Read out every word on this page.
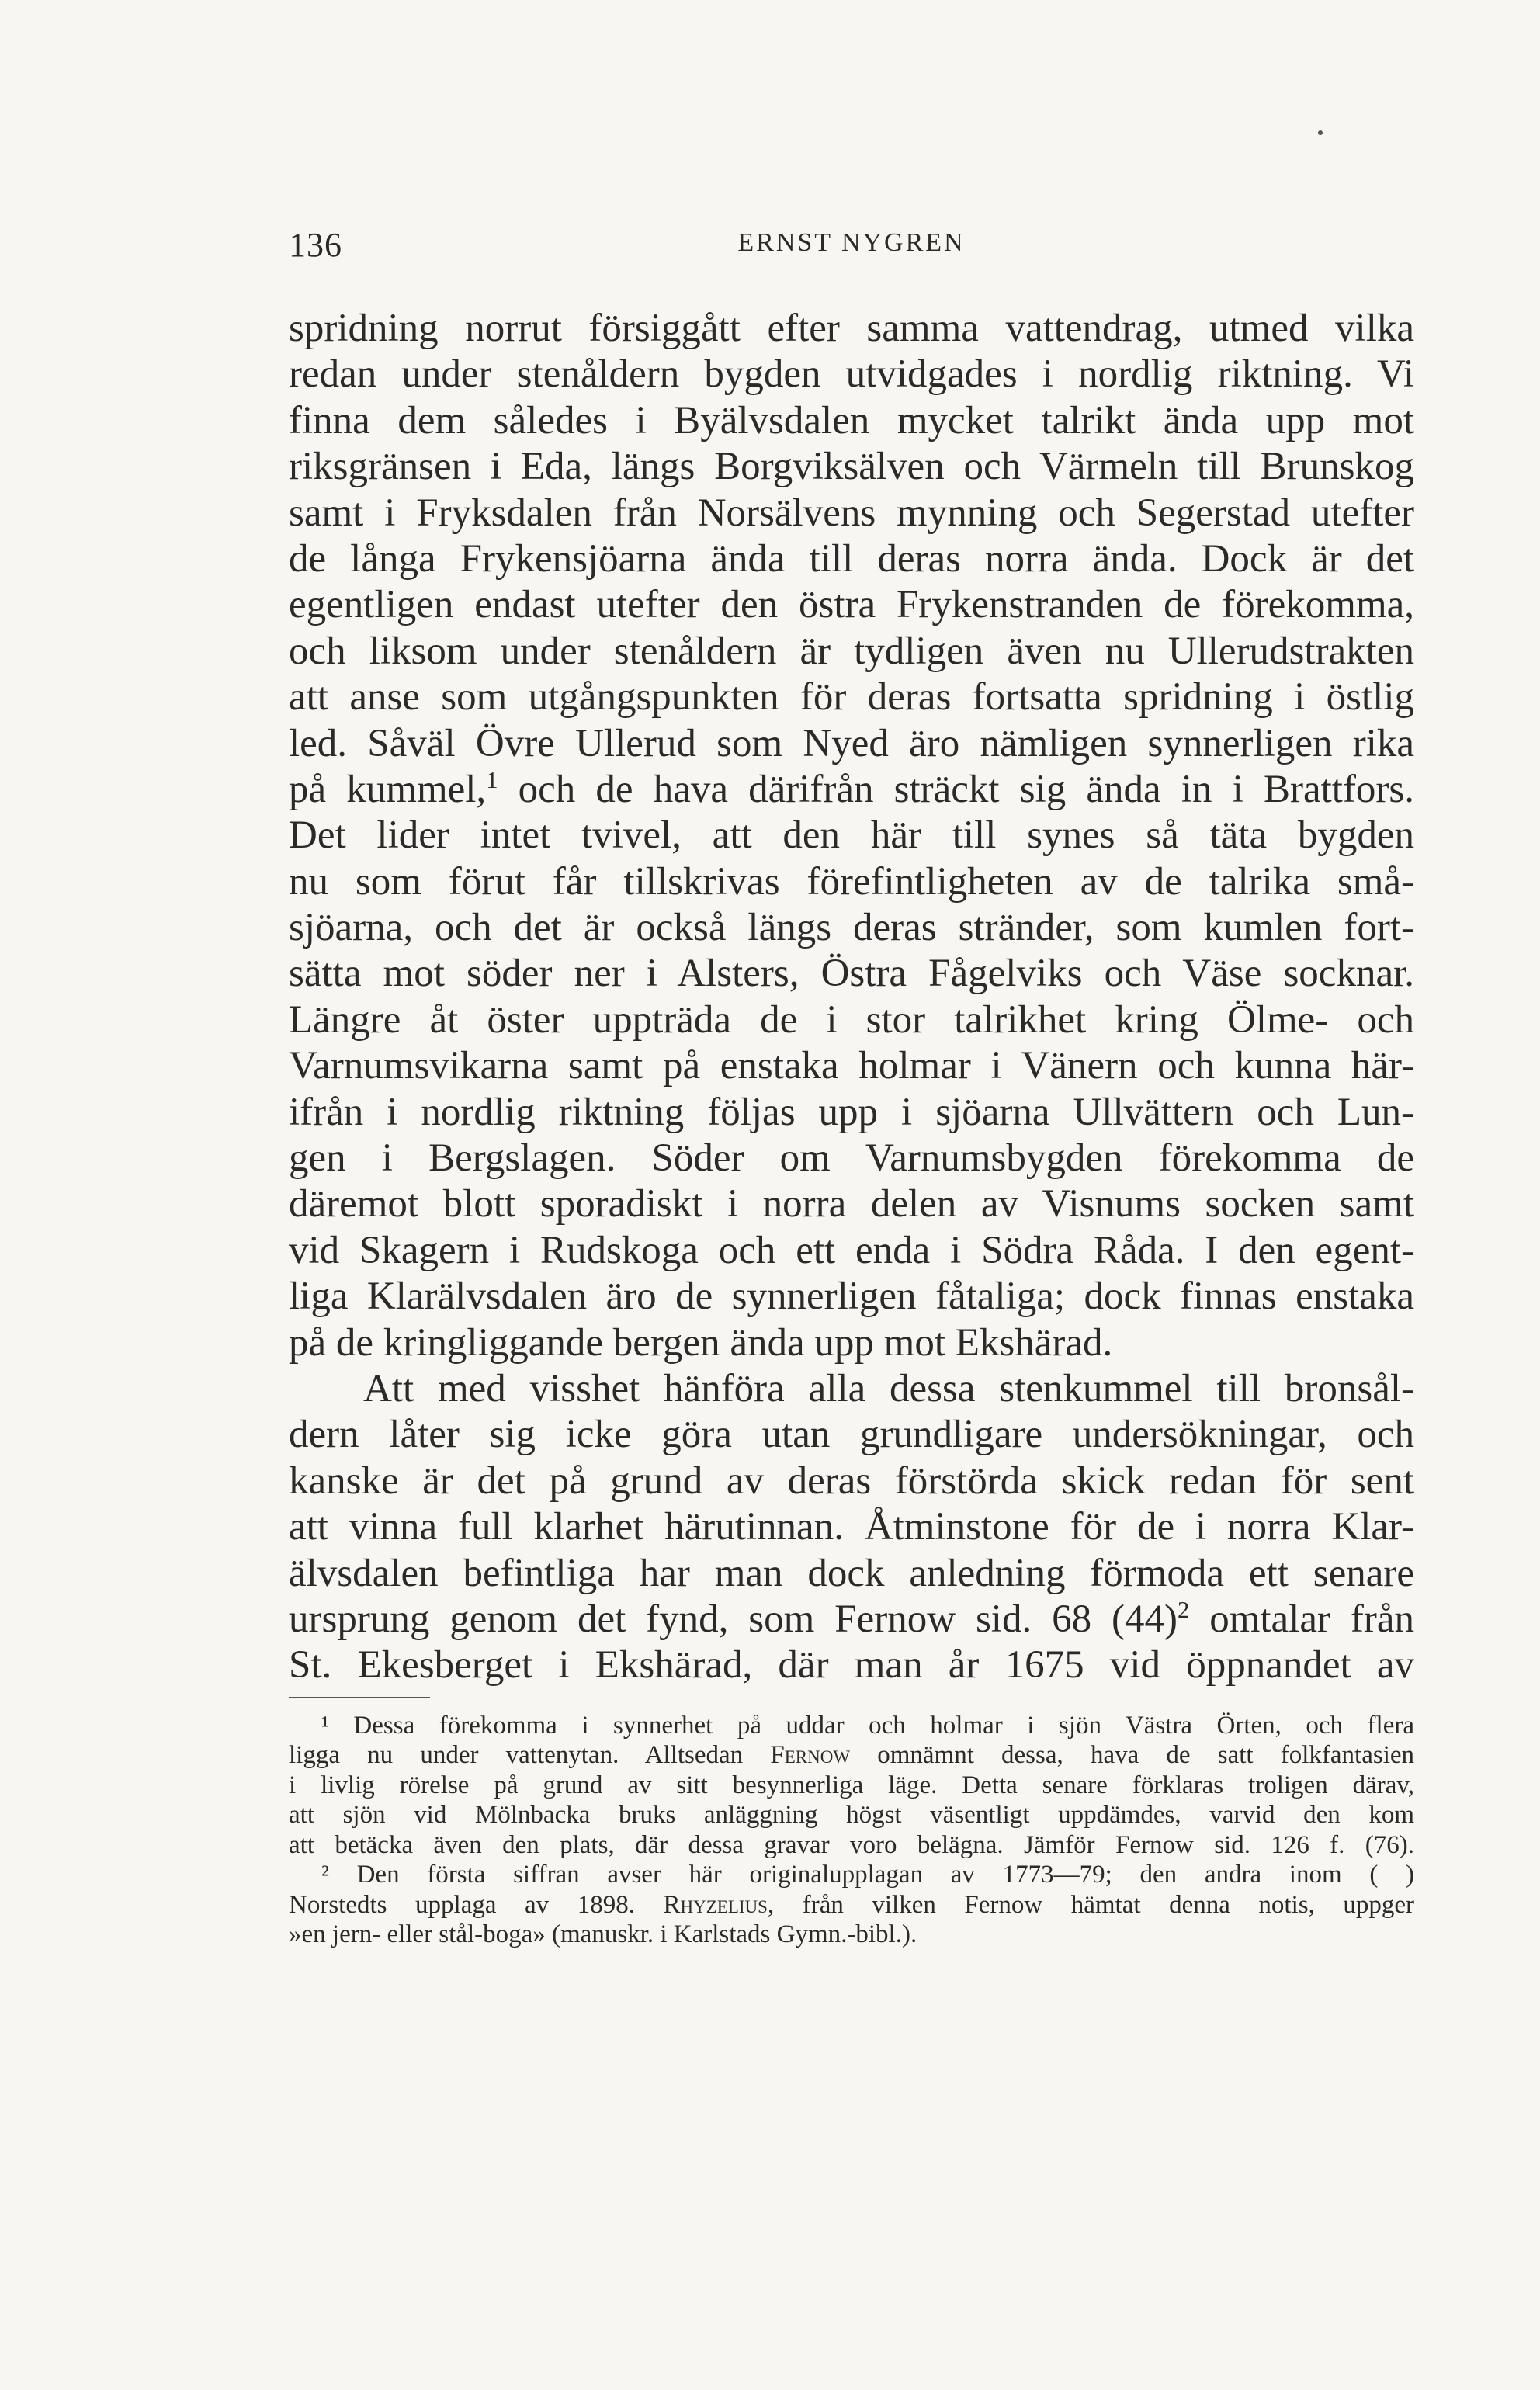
136	ERNST NYGREN
spridning norrut försiggått efter samma vattendrag, utmed vilka
redan under stenåldern bygden utvidgades i nordlig riktning. Vi
finna dem således i Byälvsdalen mycket talrikt ända upp mot
riksgränsen i Eda, längs Borgviksälven och Värmeln till Brunskog
samt i Fryksdalen från Norsälvens mynning och Segerstad utefter
de långa Frykensjöarna ända till deras norra ända. Dock är det
egentligen endast utefter den östra Frykenstranden de förekomma,
och liksom under stenåldern är tydligen även nu Ullerudstrakten
att anse som utgångspunkten för deras fortsatta spridning i östlig
led. Såväl Övre Ullerud som Nyed äro nämligen synnerligen rika
på kummel,$^1$ och de hava därifrån sträckt sig ända in i Brattfors.
Det lider intet tvivel, att den här till synes så täta bygden
nu som förut får tillskrivas förefintligheten av de talrika små-
sjöarna, och det är också längs deras stränder, som kumlen fort-
sätta mot söder ner i Alsters, Östra Fågelviks och Väse socknar.
Längre åt öster uppträda de i stor talrikhet kring Ölme- och
Varnumsvikarna samt på enstaka holmar i Vänern och kunna här-
ifrån i nordlig riktning följas upp i sjöarna Ullvättern och Lun-
gen i Bergslagen. Söder om Varnumsbygden förekomma de
däremot blott sporadiskt i norra delen av Visnums socken samt
vid Skagern i Rudskoga och ett enda i Södra Råda. I den egent-
liga Klarälvsdalen äro de synnerligen fåtaliga; dock finnas enstaka
på de kringliggande bergen ända upp mot Ekshärad.
Att med visshet hänföra alla dessa stenkummel till bronsål-
dern låter sig icke göra utan grundligare undersökningar, och
kanske är det på grund av deras förstörda skick redan för sent
att vinna full klarhet härutinnan. Åtminstone för de i norra Klar-
älvsdalen befintliga har man dock anledning förmoda ett senare
ursprung genom det fynd, som Fernow sid. 68 $(44)^2$ omtalar från
St. Ekesberget i Ekshärad, där man år 1675 vid öppnandet av
¹ Dessa förekomma i synnerhet på uddar och holmar i sjön Västra Örten, och flera
ligga nu under vattenytan. Alltsedan Fernow omnämnt dessa, hava de satt folkfantasien
i livlig rörelse på grund av sitt besynnerliga läge. Detta senare förklaras troligen därav,
att sjön vid Mölnbacka bruks anläggning högst väsentligt uppdämdes, varvid den kom
att betäcka även den plats, där dessa gravar voro belägna. Jämför Fernow sid. 126 f. (76).
² Den första siffran avser här originalupplagan av 1773—79; den andra inom ( )
Norstedts upplaga av 1898. Rhyzelius, från vilken Fernow hämtat denna notis, uppger
»en jern- eller stål-boga» (manuskr. i Karlstads Gymn.-bibl.).
